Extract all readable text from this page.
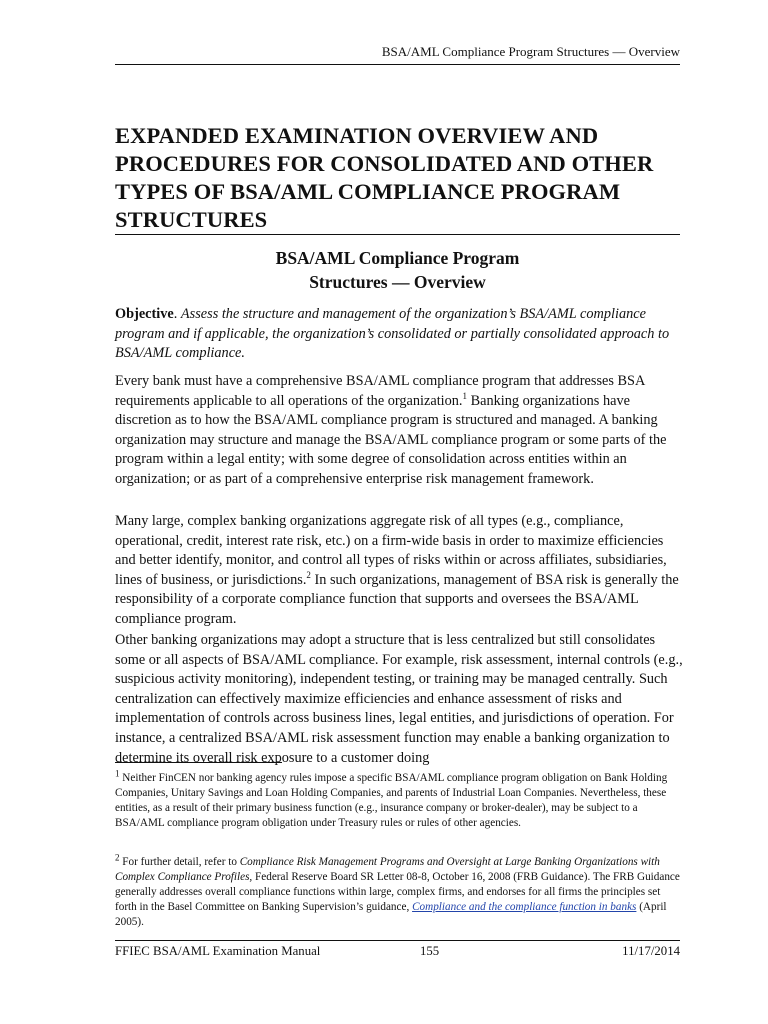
BSA/AML Compliance Program Structures — Overview
EXPANDED EXAMINATION OVERVIEW AND PROCEDURES FOR CONSOLIDATED AND OTHER TYPES OF BSA/AML COMPLIANCE PROGRAM STRUCTURES
BSA/AML Compliance Program
Structures — Overview

Objective. Assess the structure and management of the organization’s BSA/AML compliance program and if applicable, the organization’s consolidated or partially consolidated approach to BSA/AML compliance.

Every bank must have a comprehensive BSA/AML compliance program that addresses BSA requirements applicable to all operations of the organization.$^1$ Banking organizations have discretion as to how the BSA/AML compliance program is structured and managed. A banking organization may structure and manage the BSA/AML compliance program or some parts of the program within a legal entity; with some degree of consolidation across entities within an organization; or as part of a comprehensive enterprise risk management framework.

Many large, complex banking organizations aggregate risk of all types (e.g., compliance, operational, credit, interest rate risk, etc.) on a firm-wide basis in order to maximize efficiencies and better identify, monitor, and control all types of risks within or across affiliates, subsidiaries, lines of business, or jurisdictions.$^2$ In such organizations, management of BSA risk is generally the responsibility of a corporate compliance function that supports and oversees the BSA/AML compliance program.

Other banking organizations may adopt a structure that is less centralized but still consolidates some or all aspects of BSA/AML compliance. For example, risk assessment, internal controls (e.g., suspicious activity monitoring), independent testing, or training may be managed centrally. Such centralization can effectively maximize efficiencies and enhance assessment of risks and implementation of controls across business lines, legal entities, and jurisdictions of operation. For instance, a centralized BSA/AML risk assessment function may enable a banking organization to determine its overall risk exposure to a customer doing

$^1$ Neither FinCEN nor banking agency rules impose a specific BSA/AML compliance program obligation on Bank Holding Companies, Unitary Savings and Loan Holding Companies, and parents of Industrial Loan Companies. Nevertheless, these entities, as a result of their primary business function (e.g., insurance company or broker-dealer), may be subject to a BSA/AML compliance program obligation under Treasury rules or rules of other agencies.

$^2$ For further detail, refer to Compliance Risk Management Programs and Oversight at Large Banking Organizations with Complex Compliance Profiles, Federal Reserve Board SR Letter 08-8, October 16, 2008 (FRB Guidance). The FRB Guidance generally addresses overall compliance functions within large, complex firms, and endorses for all firms the principles set forth in the Basel Committee on Banking Supervision’s guidance, Compliance and the compliance function in banks (April 2005).

FFIEC BSA/AML Examination Manual	155	11/17/2014
